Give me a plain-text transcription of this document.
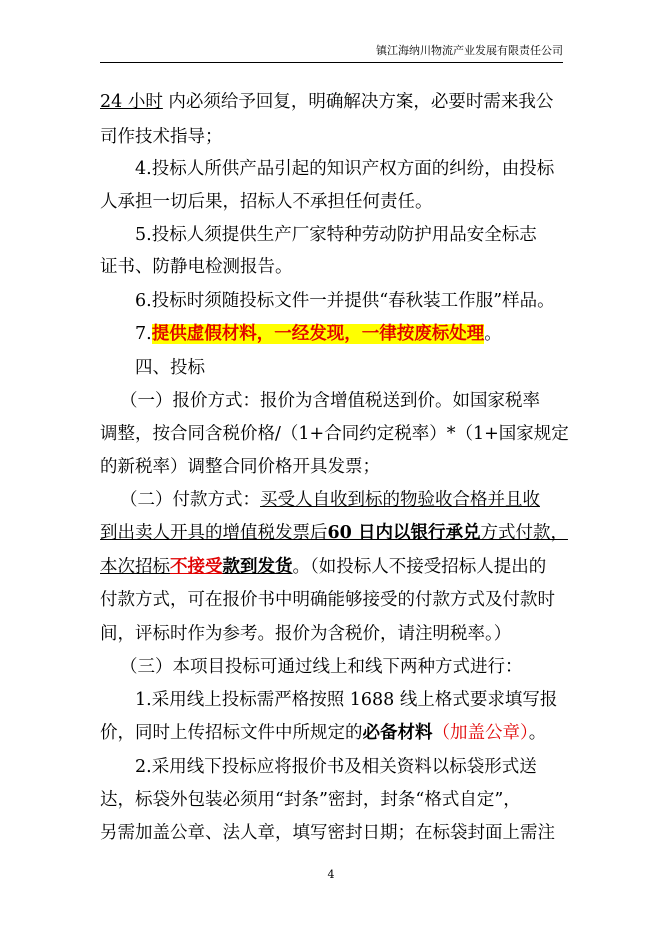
镇江海纳川物流产业发展有限责任公司
24 小时 内必须给予回复，明确解决方案，必要时需来我公
司作技术指导；
4.投标人所供产品引起的知识产权方面的纠纷，由投标
人承担一切后果，招标人不承担任何责任。
5.投标人须提供生产厂家特种劳动防护用品安全标志
证书、防静电检测报告。
6.投标时须随投标文件一并提供“春秋装工作服”样品。
7.提供虚假材料，一经发现，一律按废标处理。
四、投标
（一）报价方式：报价为含增值税送到价。如国家税率
调整，按合同含税价格/（1+合同约定税率）*（1+国家规定
的新税率）调整合同价格开具发票；
（二）付款方式：买受人自收到标的物验收合格并且收
到出卖人开具的增值税发票后60 日内以银行承兑方式付款，
本次招标不接受款到发货。（如投标人不接受招标人提出的
付款方式，可在报价书中明确能够接受的付款方式及付款时
间，评标时作为参考。报价为含税价，请注明税率。）
（三）本项目投标可通过线上和线下两种方式进行：
1.采用线上投标需严格按照 1688 线上格式要求填写报
价，同时上传招标文件中所规定的必备材料（加盖公章）。
2.采用线下投标应将报价书及相关资料以标袋形式送
达，标袋外包装必须用“封条”密封，封条“格式自定”，
另需加盖公章、法人章，填写密封日期；在标袋封面上需注
4
